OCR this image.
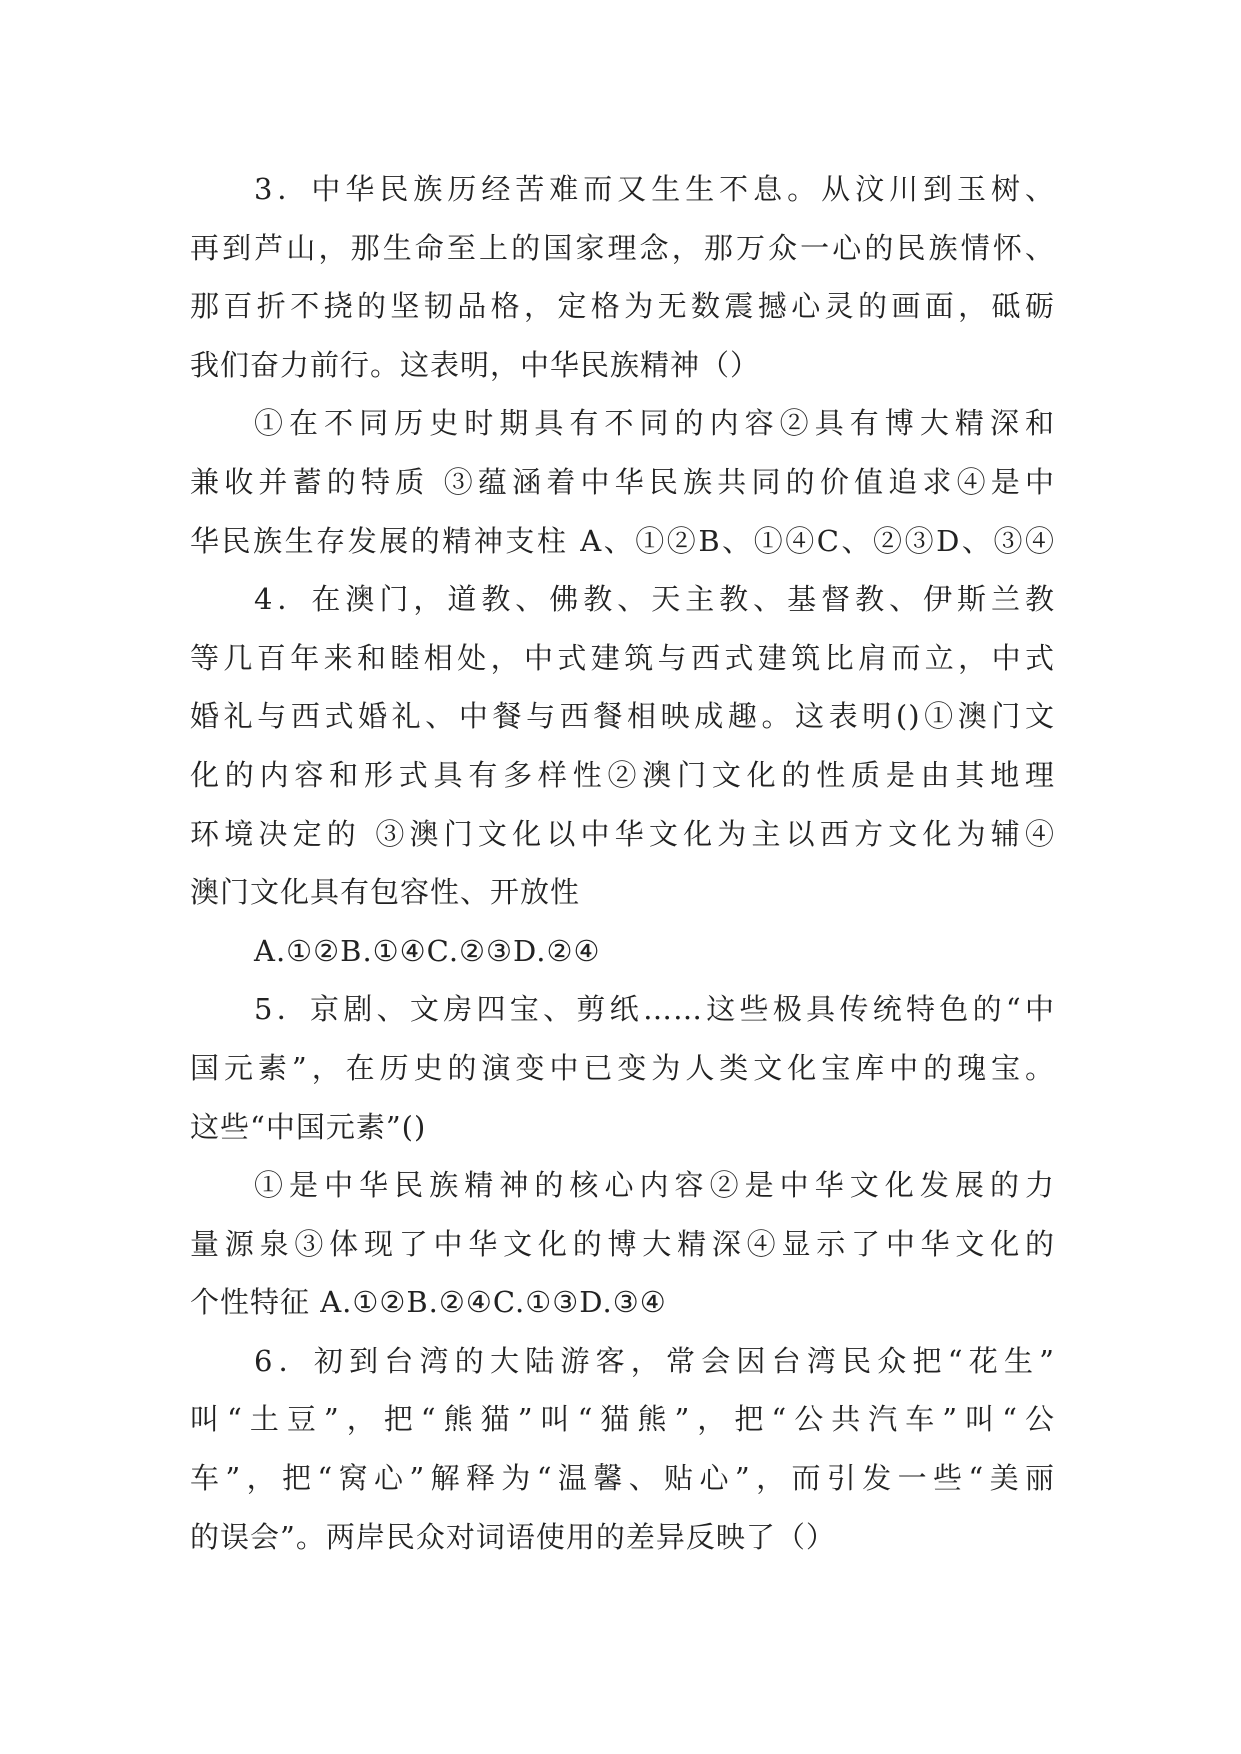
3．中华民族历经苦难而又生生不息。从汶川到玉树、
再到芦山，那生命至上的国家理念，那万众一心的民族情怀、
那百折不挠的坚韧品格，定格为无数震撼心灵的画面，砥砺
我们奋力前行。这表明，中华民族精神（）
①在不同历史时期具有不同的内容②具有博大精深和
兼收并蓄的特质 ③蕴涵着中华民族共同的价值追求④是中
华民族生存发展的精神支柱 A、①②B、①④C、②③D、③④
4．在澳门，道教、佛教、天主教、基督教、伊斯兰教
等几百年来和睦相处，中式建筑与西式建筑比肩而立，中式
婚礼与西式婚礼、中餐与西餐相映成趣。这表明()①澳门文
化的内容和形式具有多样性②澳门文化的性质是由其地理
环境决定的 ③澳门文化以中华文化为主以西方文化为辅④
澳门文化具有包容性、开放性
A.①②B.①④C.②③D.②④
5．京剧、文房四宝、剪纸……这些极具传统特色的“中
国元素”，在历史的演变中已变为人类文化宝库中的瑰宝。
这些“中国元素”()
①是中华民族精神的核心内容②是中华文化发展的力
量源泉③体现了中华文化的博大精深④显示了中华文化的
个性特征 A.①②B.②④C.①③D.③④
6．初到台湾的大陆游客，常会因台湾民众把“花生”
叫“土豆”，把“熊猫”叫“猫熊”，把“公共汽车”叫“公
车”，把“窝心”解释为“温馨、贴心”，而引发一些“美丽
的误会”。两岸民众对词语使用的差异反映了（）
